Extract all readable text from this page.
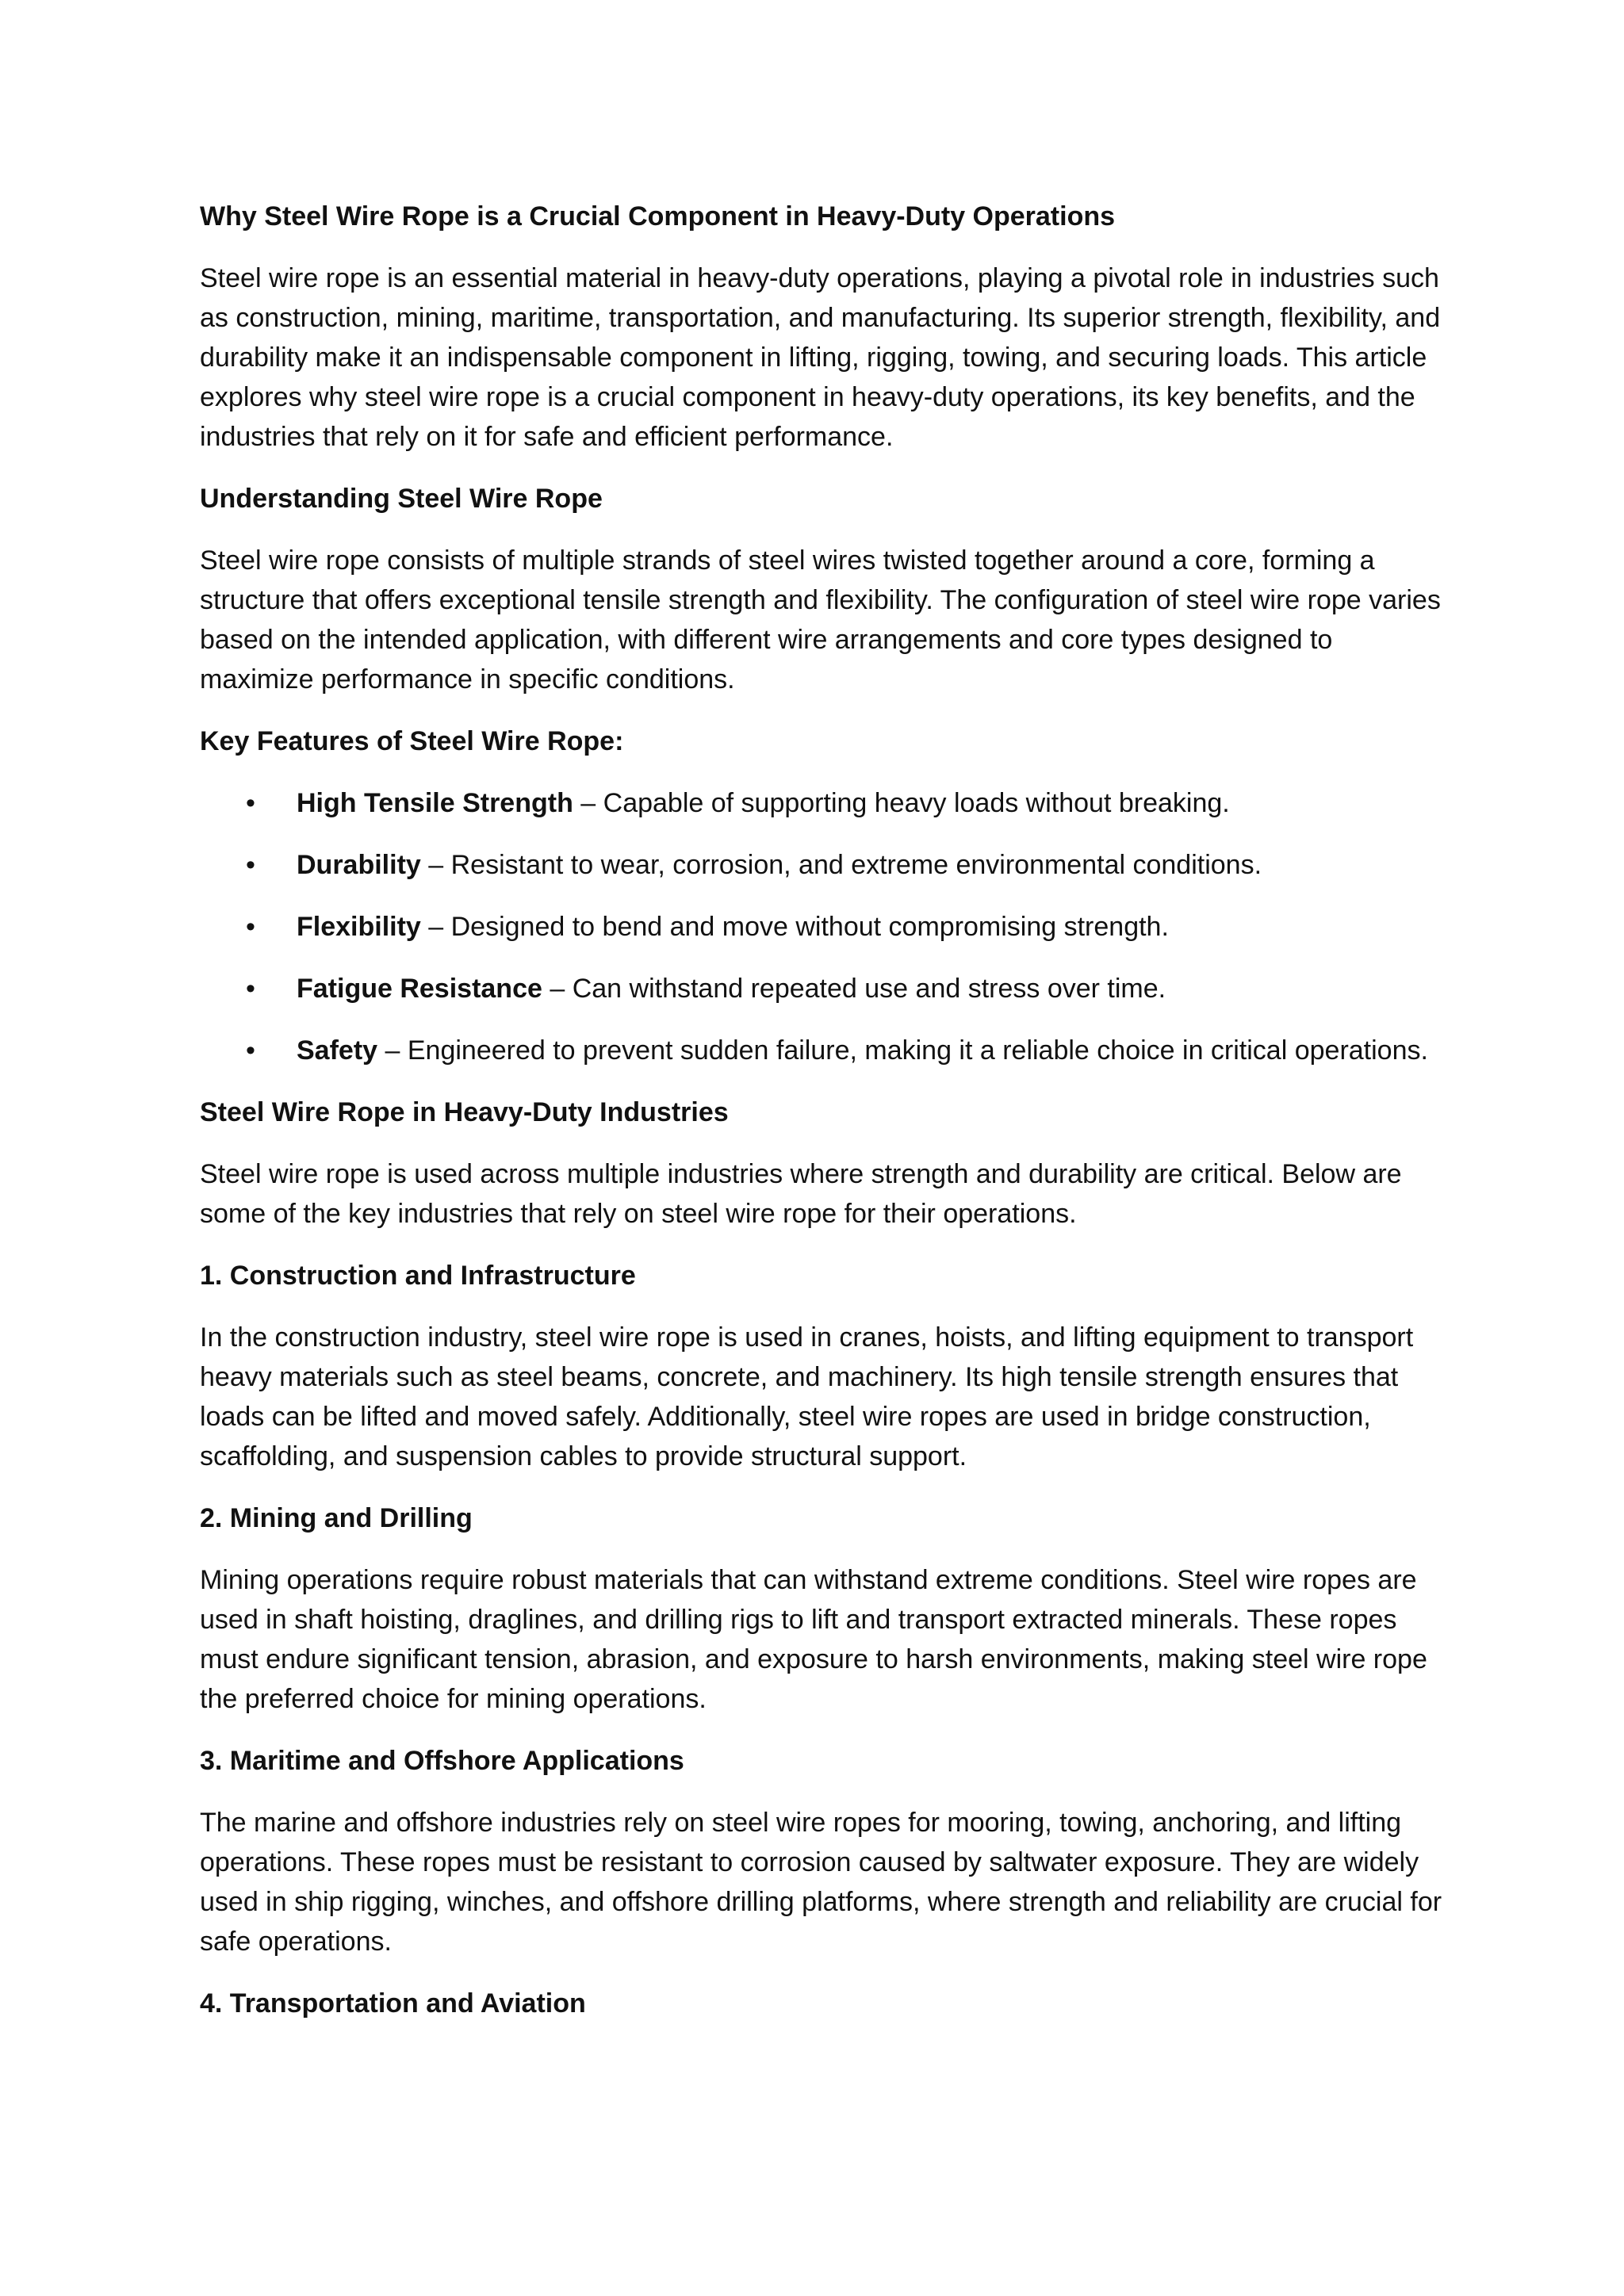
Why Steel Wire Rope is a Crucial Component in Heavy-Duty Operations
Steel wire rope is an essential material in heavy-duty operations, playing a pivotal role in industries such as construction, mining, maritime, transportation, and manufacturing. Its superior strength, flexibility, and durability make it an indispensable component in lifting, rigging, towing, and securing loads. This article explores why steel wire rope is a crucial component in heavy-duty operations, its key benefits, and the industries that rely on it for safe and efficient performance.
Understanding Steel Wire Rope
Steel wire rope consists of multiple strands of steel wires twisted together around a core, forming a structure that offers exceptional tensile strength and flexibility. The configuration of steel wire rope varies based on the intended application, with different wire arrangements and core types designed to maximize performance in specific conditions.
Key Features of Steel Wire Rope:
• High Tensile Strength – Capable of supporting heavy loads without breaking.
• Durability – Resistant to wear, corrosion, and extreme environmental conditions.
• Flexibility – Designed to bend and move without compromising strength.
• Fatigue Resistance – Can withstand repeated use and stress over time.
• Safety – Engineered to prevent sudden failure, making it a reliable choice in critical operations.
Steel Wire Rope in Heavy-Duty Industries
Steel wire rope is used across multiple industries where strength and durability are critical. Below are some of the key industries that rely on steel wire rope for their operations.
1. Construction and Infrastructure
In the construction industry, steel wire rope is used in cranes, hoists, and lifting equipment to transport heavy materials such as steel beams, concrete, and machinery. Its high tensile strength ensures that loads can be lifted and moved safely. Additionally, steel wire ropes are used in bridge construction, scaffolding, and suspension cables to provide structural support.
2. Mining and Drilling
Mining operations require robust materials that can withstand extreme conditions. Steel wire ropes are used in shaft hoisting, draglines, and drilling rigs to lift and transport extracted minerals. These ropes must endure significant tension, abrasion, and exposure to harsh environments, making steel wire rope the preferred choice for mining operations.
3. Maritime and Offshore Applications
The marine and offshore industries rely on steel wire ropes for mooring, towing, anchoring, and lifting operations. These ropes must be resistant to corrosion caused by saltwater exposure. They are widely used in ship rigging, winches, and offshore drilling platforms, where strength and reliability are crucial for safe operations.
4. Transportation and Aviation
